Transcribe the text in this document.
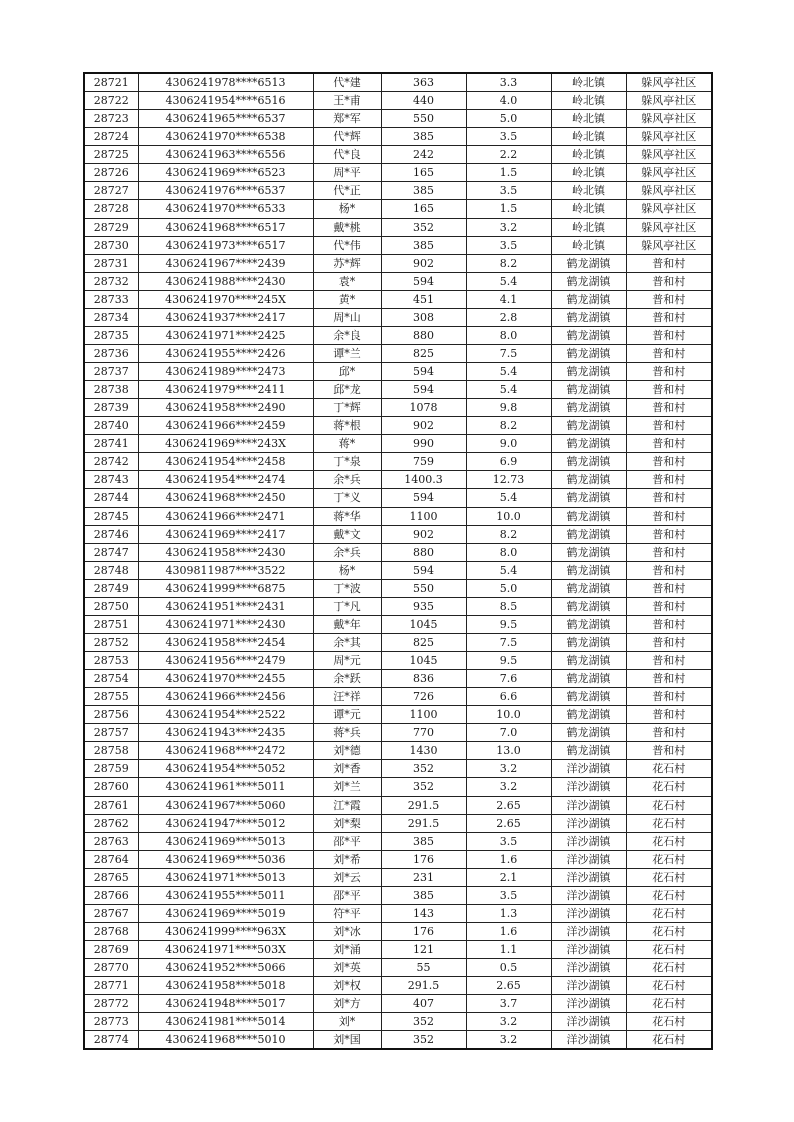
28721	4306241978****6513	代*建	363	3.3	岭北镇	躲风亭社区
28722	4306241954****6516	王*甫	440	4.0	岭北镇	躲风亭社区
28723	4306241965****6537	郑*军	550	5.0	岭北镇	躲风亭社区
28724	4306241970****6538	代*辉	385	3.5	岭北镇	躲风亭社区
28725	4306241963****6556	代*良	242	2.2	岭北镇	躲风亭社区
28726	4306241969****6523	周*平	165	1.5	岭北镇	躲风亭社区
28727	4306241976****6537	代*正	385	3.5	岭北镇	躲风亭社区
28728	4306241970****6533	杨*	165	1.5	岭北镇	躲风亭社区
28729	4306241968****6517	戴*桃	352	3.2	岭北镇	躲风亭社区
28730	4306241973****6517	代*伟	385	3.5	岭北镇	躲风亭社区
28731	4306241967****2439	苏*辉	902	8.2	鹤龙湖镇	普和村
28732	4306241988****2430	袁*	594	5.4	鹤龙湖镇	普和村
28733	4306241970****245X	黄*	451	4.1	鹤龙湖镇	普和村
28734	4306241937****2417	周*山	308	2.8	鹤龙湖镇	普和村
28735	4306241971****2425	余*良	880	8.0	鹤龙湖镇	普和村
28736	4306241955****2426	谭*兰	825	7.5	鹤龙湖镇	普和村
28737	4306241989****2473	邱*	594	5.4	鹤龙湖镇	普和村
28738	4306241979****2411	邱*龙	594	5.4	鹤龙湖镇	普和村
28739	4306241958****2490	丁*辉	1078	9.8	鹤龙湖镇	普和村
28740	4306241966****2459	蒋*根	902	8.2	鹤龙湖镇	普和村
28741	4306241969****243X	蒋*	990	9.0	鹤龙湖镇	普和村
28742	4306241954****2458	丁*泉	759	6.9	鹤龙湖镇	普和村
28743	4306241954****2474	余*兵	1400.3	12.73	鹤龙湖镇	普和村
28744	4306241968****2450	丁*义	594	5.4	鹤龙湖镇	普和村
28745	4306241966****2471	蒋*华	1100	10.0	鹤龙湖镇	普和村
28746	4306241969****2417	戴*文	902	8.2	鹤龙湖镇	普和村
28747	4306241958****2430	余*兵	880	8.0	鹤龙湖镇	普和村
28748	4309811987****3522	杨*	594	5.4	鹤龙湖镇	普和村
28749	4306241999****6875	丁*波	550	5.0	鹤龙湖镇	普和村
28750	4306241951****2431	丁*凡	935	8.5	鹤龙湖镇	普和村
28751	4306241971****2430	戴*年	1045	9.5	鹤龙湖镇	普和村
28752	4306241958****2454	余*其	825	7.5	鹤龙湖镇	普和村
28753	4306241956****2479	周*元	1045	9.5	鹤龙湖镇	普和村
28754	4306241970****2455	余*跃	836	7.6	鹤龙湖镇	普和村
28755	4306241966****2456	汪*祥	726	6.6	鹤龙湖镇	普和村
28756	4306241954****2522	谭*元	1100	10.0	鹤龙湖镇	普和村
28757	4306241943****2435	蒋*兵	770	7.0	鹤龙湖镇	普和村
28758	4306241968****2472	刘*德	1430	13.0	鹤龙湖镇	普和村
28759	4306241954****5052	刘*香	352	3.2	洋沙湖镇	花石村
28760	4306241961****5011	刘*兰	352	3.2	洋沙湖镇	花石村
28761	4306241967****5060	江*霞	291.5	2.65	洋沙湖镇	花石村
28762	4306241947****5012	刘*梨	291.5	2.65	洋沙湖镇	花石村
28763	4306241969****5013	邵*平	385	3.5	洋沙湖镇	花石村
28764	4306241969****5036	刘*希	176	1.6	洋沙湖镇	花石村
28765	4306241971****5013	刘*云	231	2.1	洋沙湖镇	花石村
28766	4306241955****5011	邵*平	385	3.5	洋沙湖镇	花石村
28767	4306241969****5019	符*平	143	1.3	洋沙湖镇	花石村
28768	4306241999****963X	刘*冰	176	1.6	洋沙湖镇	花石村
28769	4306241971****503X	刘*涌	121	1.1	洋沙湖镇	花石村
28770	4306241952****5066	刘*英	55	0.5	洋沙湖镇	花石村
28771	4306241958****5018	刘*权	291.5	2.65	洋沙湖镇	花石村
28772	4306241948****5017	刘*方	407	3.7	洋沙湖镇	花石村
28773	4306241981****5014	刘*	352	3.2	洋沙湖镇	花石村
28774	4306241968****5010	刘*国	352	3.2	洋沙湖镇	花石村
